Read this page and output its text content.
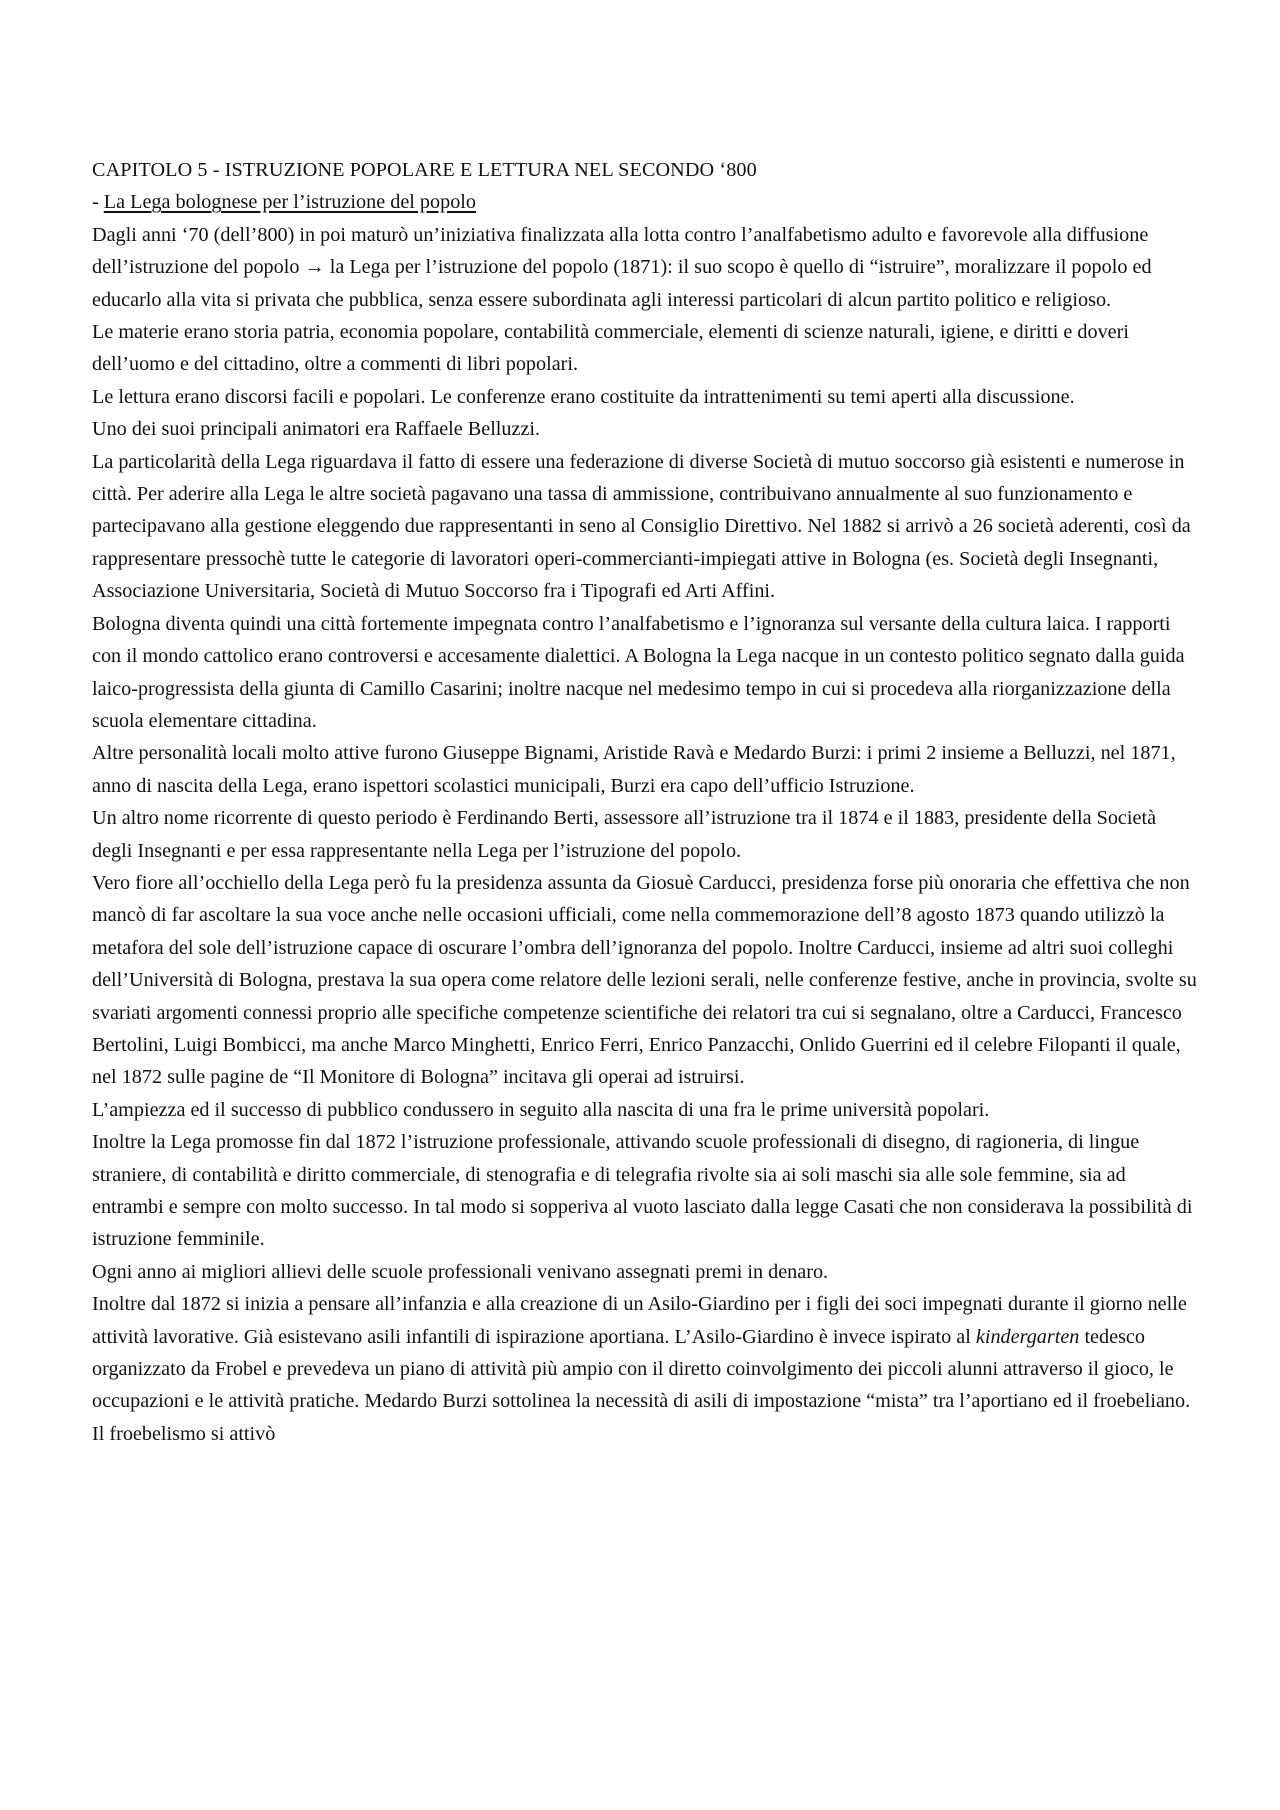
CAPITOLO 5 - ISTRUZIONE POPOLARE E LETTURA NEL SECONDO ‘800

- La Lega bolognese per l’istruzione del popolo

Dagli anni ‘70 (dell’800) in poi maturò un’iniziativa finalizzata alla lotta contro l’analfabetismo adulto e favorevole alla diffusione dell’istruzione del popolo → la Lega per l’istruzione del popolo (1871): il suo scopo è quello di “istruire”, moralizzare il popolo ed educarlo alla vita si privata che pubblica, senza essere subordinata agli interessi particolari di alcun partito politico e religioso.

Le materie erano storia patria, economia popolare, contabilità commerciale, elementi di scienze naturali, igiene, e diritti e doveri dell’uomo e del cittadino, oltre a commenti di libri popolari.

Le lettura erano discorsi facili e popolari. Le conferenze erano costituite da intrattenimenti su temi aperti alla discussione.

Uno dei suoi principali animatori era Raffaele Belluzzi.

La particolarità della Lega riguardava il fatto di essere una federazione di diverse Società di mutuo soccorso già esistenti e numerose in città. Per aderire alla Lega le altre società pagavano una tassa di ammissione, contribuivano annualmente al suo funzionamento e partecipavano alla gestione eleggendo due rappresentanti in seno al Consiglio Direttivo. Nel 1882 si arrivò a 26 società aderenti, così da rappresentare pressochè tutte le categorie di lavoratori operi-commercianti-impiegati attive in Bologna (es. Società degli Insegnanti, Associazione Universitaria, Società di Mutuo Soccorso fra i Tipografi ed Arti Affini.

Bologna diventa quindi una città fortemente impegnata contro l’analfabetismo e l’ignoranza sul versante della cultura laica. I rapporti con il mondo cattolico erano controversi e accesamente dialettici. A Bologna la Lega nacque in un contesto politico segnato dalla guida laico-progressista della giunta di Camillo Casarini; inoltre nacque nel medesimo tempo in cui si procedeva alla riorganizzazione della scuola elementare cittadina.

Altre personalità locali molto attive furono Giuseppe Bignami, Aristide Ravà e Medardo Burzi: i primi 2 insieme a Belluzzi, nel 1871, anno di nascita della Lega, erano ispettori scolastici municipali, Burzi era capo dell’ufficio Istruzione.

Un altro nome ricorrente di questo periodo è Ferdinando Berti, assessore all’istruzione tra il 1874 e il 1883, presidente della Società degli Insegnanti e per essa rappresentante nella Lega per l’istruzione del popolo.

Vero fiore all’occhiello della Lega però fu la presidenza assunta da Giosuè Carducci, presidenza forse più onoraria che effettiva che non mancò di far ascoltare la sua voce anche nelle occasioni ufficiali, come nella commemorazione dell’8 agosto 1873 quando utilizzò la metafora del sole dell’istruzione capace di oscurare l’ombra dell’ignoranza del popolo. Inoltre Carducci, insieme ad altri suoi colleghi dell’Università di Bologna, prestava la sua opera come relatore delle lezioni serali, nelle conferenze festive, anche in provincia, svolte su svariati argomenti connessi proprio alle specifiche competenze scientifiche dei relatori tra cui si segnalano, oltre a Carducci, Francesco Bertolini, Luigi Bombicci, ma anche Marco Minghetti, Enrico Ferri, Enrico Panzacchi, Onlido Guerrini ed il celebre Filopanti il quale, nel 1872 sulle pagine de “Il Monitore di Bologna” incitava gli operai ad istruirsi.

L’ampiezza ed il successo di pubblico condussero in seguito alla nascita di una fra le prime università popolari.

Inoltre la Lega promosse fin dal 1872 l’istruzione professionale, attivando scuole professionali di disegno, di ragioneria, di lingue straniere, di contabilità e diritto commerciale, di stenografia e di telegrafia rivolte sia ai soli maschi sia alle sole femmine, sia ad entrambi e sempre con molto successo. In tal modo si sopperiva al vuoto lasciato dalla legge Casati che non considerava la possibilità di istruzione femminile.

Ogni anno ai migliori allievi delle scuole professionali venivano assegnati premi in denaro.

Inoltre dal 1872 si inizia a pensare all’infanzia e alla creazione di un Asilo-Giardino per i figli dei soci impegnati durante il giorno nelle attività lavorative. Già esistevano asili infantili di ispirazione aportiana. L’Asilo-Giardino è invece ispirato al kindergarten tedesco organizzato da Frobel e prevedeva un piano di attività più ampio con il diretto coinvolgimento dei piccoli alunni attraverso il gioco, le occupazioni e le attività pratiche. Medardo Burzi sottolinea la necessità di asili di impostazione “mista” tra l’aportiano ed il froebeliano. Il froebelismo si attivò
